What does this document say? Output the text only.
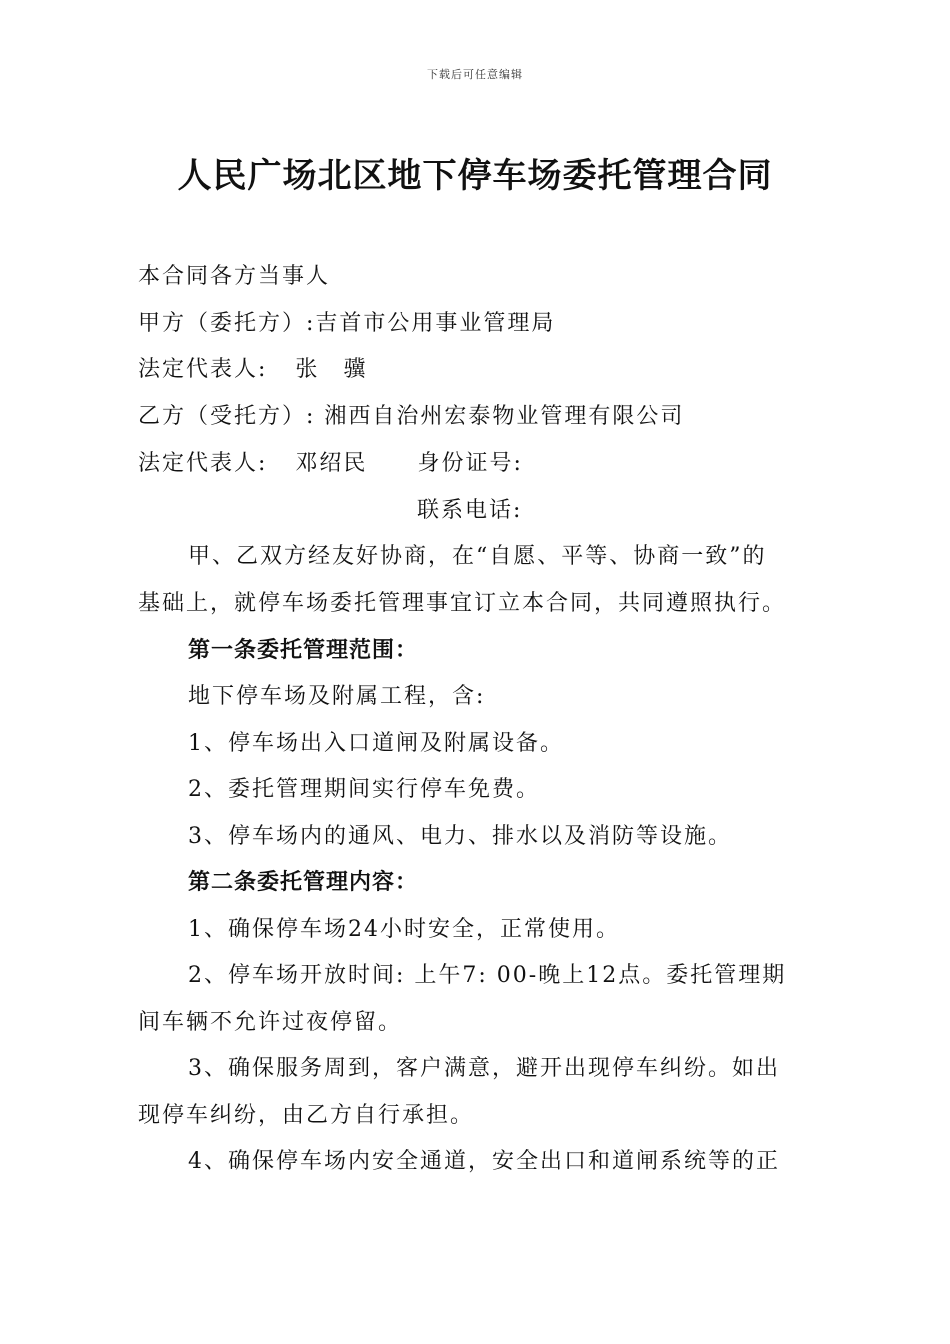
下载后可任意编辑
人民广场北区地下停车场委托管理合同
本合同各方当事人
甲方（委托方）:吉首市公用事业管理局
法定代表人: 张　骥
乙方（受托方）: 湘西自治州宏泰物业管理有限公司
法定代表人: 邓绍民 身份证号:
联系电话:
甲、乙双方经友好协商，在“自愿、平等、协商一致”的
基础上，就停车场委托管理事宜订立本合同，共同遵照执行。
第一条委托管理范围：
地下停车场及附属工程，含:
1、停车场出入口道闸及附属设备。
2、委托管理期间实行停车免费。
3、停车场内的通风、电力、排水以及消防等设施。
第二条委托管理内容：
1、确保停车场24小时安全，正常使用。
2、停车场开放时间: 上午7: 00-晚上12点。委托管理期
间车辆不允许过夜停留。
3、确保服务周到，客户满意，避开出现停车纠纷。如出
现停车纠纷，由乙方自行承担。
4、确保停车场内安全通道，安全出口和道闸系统等的正
